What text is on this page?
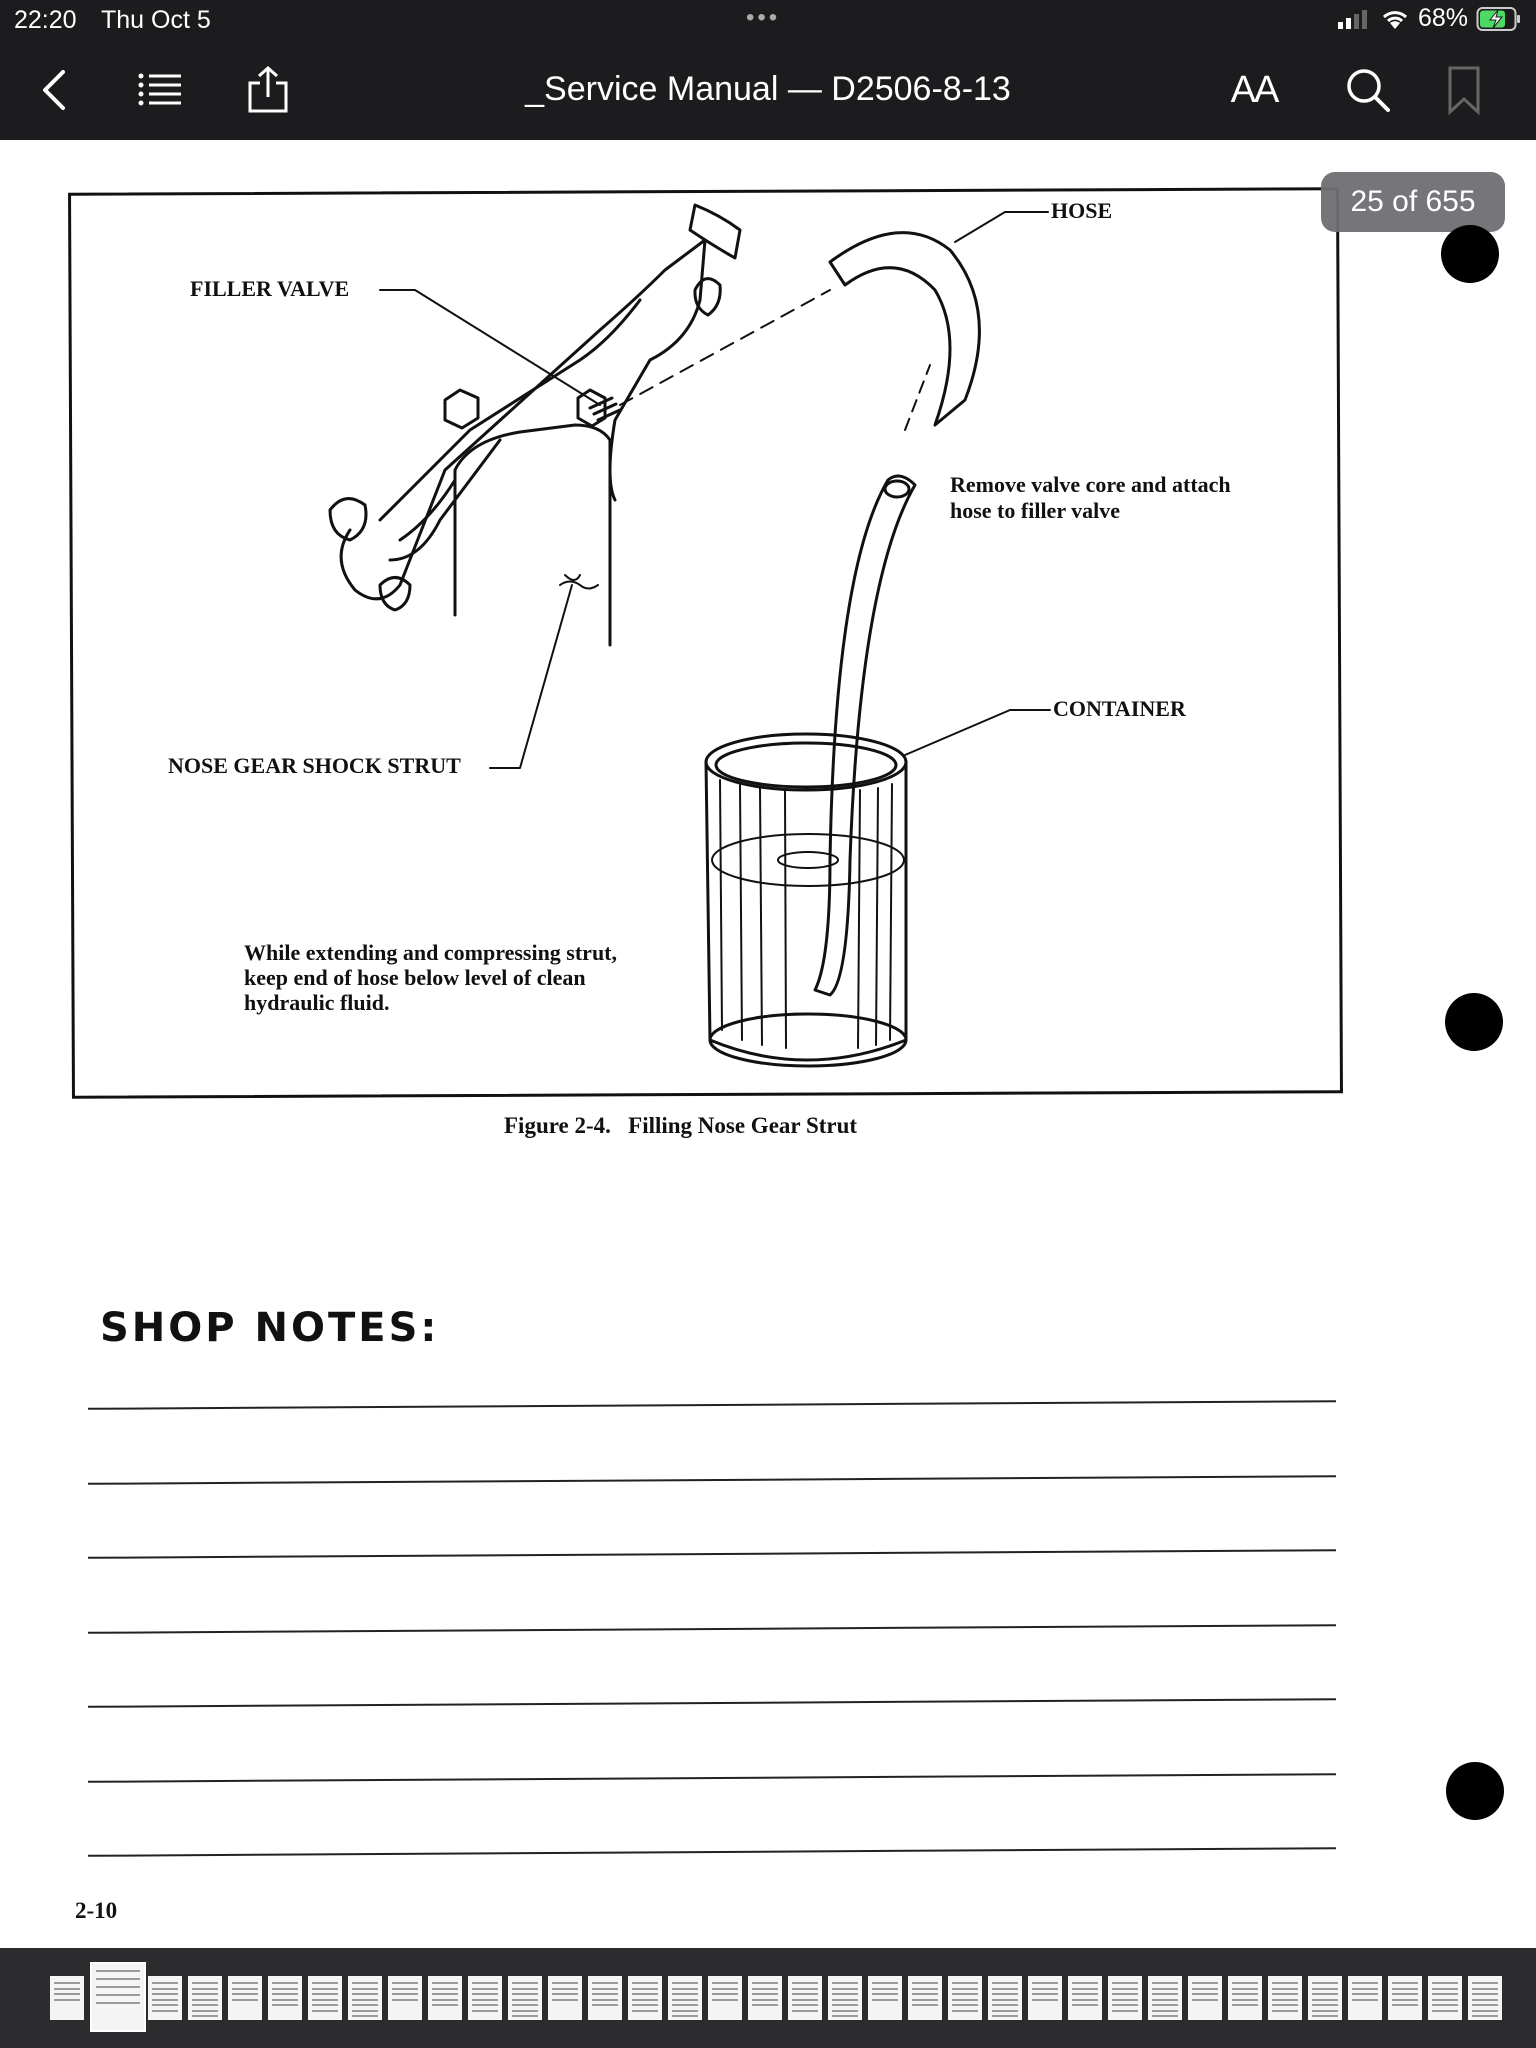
22:20 Thu Oct 5	•••	68%
_Service Manual — D2506-8-13	AA
FILLER VALVE
HOSE
Remove valve core and attach
hose to filler valve
CONTAINER
NOSE GEAR SHOCK STRUT
While extending and compressing strut,
keep end of hose below level of clean
hydraulic fluid.
Figure 2-4.   Filling Nose Gear Strut
25 of 655
SHOP NOTES:
2-10
